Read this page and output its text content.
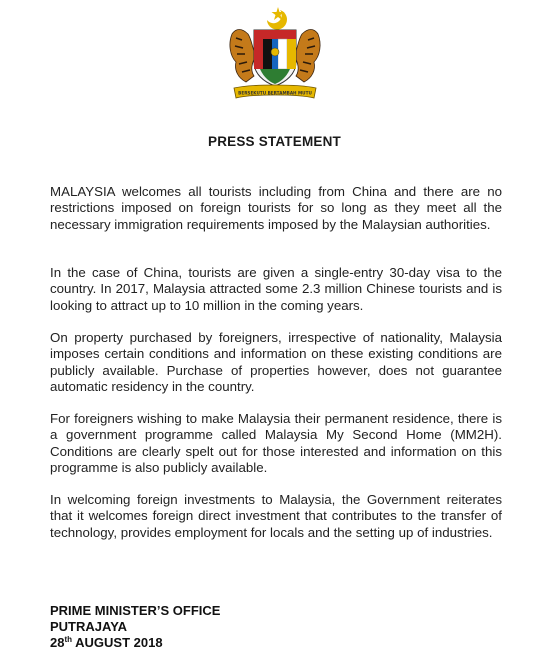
BERSEKUTU BERTAMBAH MUTU
PRESS STATEMENT

MALAYSIA welcomes all tourists including from China and there are no restrictions imposed on foreign tourists for so long as they meet all the necessary immigration requirements imposed by the Malaysian authorities.

In the case of China, tourists are given a single-entry 30-day visa to the country. In 2017, Malaysia attracted some 2.3 million Chinese tourists and is looking to attract up to 10 million in the coming years.

On property purchased by foreigners, irrespective of nationality, Malaysia imposes certain conditions and information on these existing conditions are publicly available. Purchase of properties however, does not guarantee automatic residency in the country.

For foreigners wishing to make Malaysia their permanent residence, there is a government programme called Malaysia My Second Home (MM2H). Conditions are clearly spelt out for those interested and information on this programme is also publicly available.

In welcoming foreign investments to Malaysia, the Government reiterates that it welcomes foreign direct investment that contributes to the transfer of technology, provides employment for locals and the setting up of industries.

PRIME MINISTER’S OFFICE
PUTRAJAYA
28th AUGUST 2018
